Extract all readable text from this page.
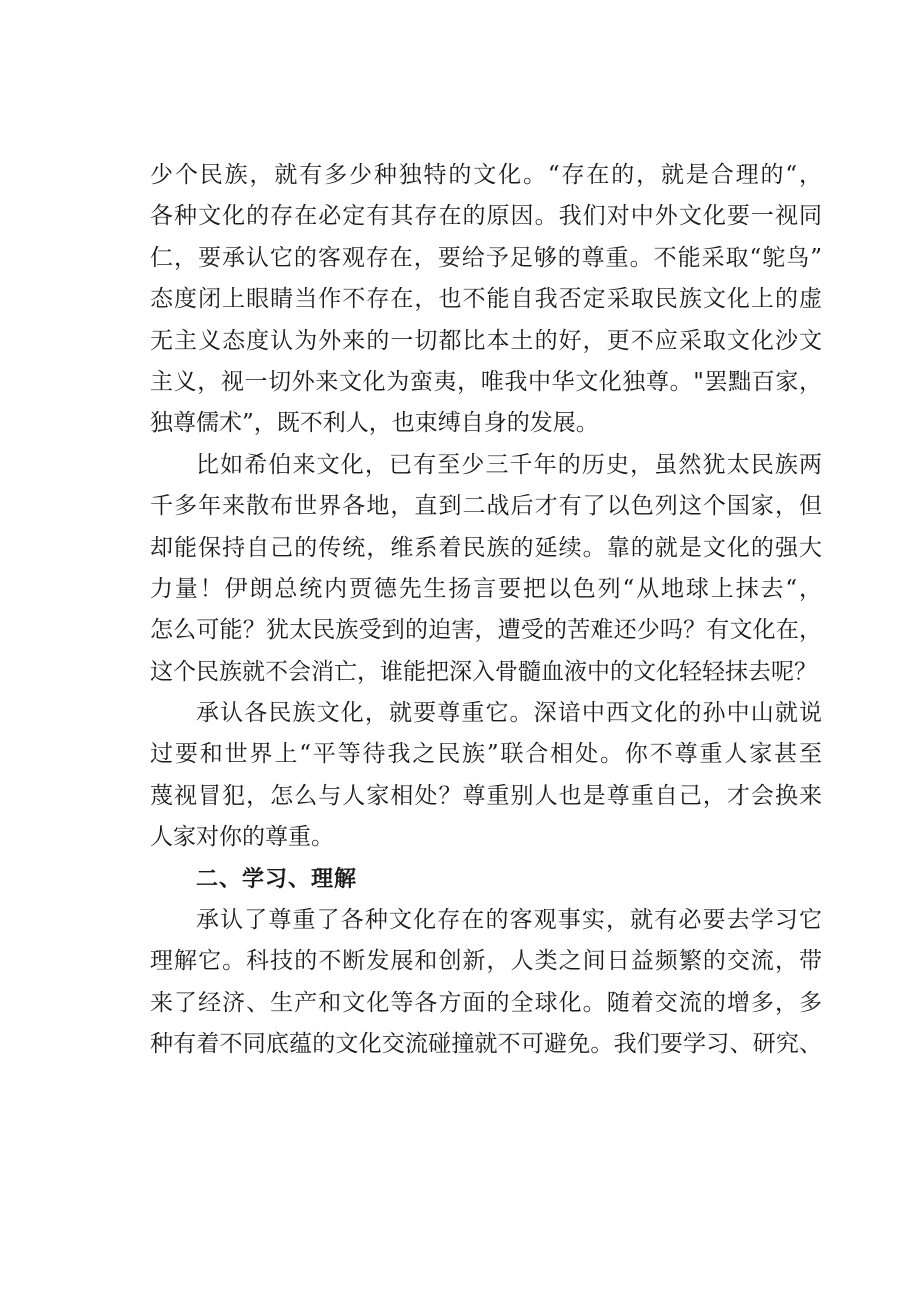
少个民族，就有多少种独特的文化。“存在的，就是合理的“，
各种文化的存在必定有其存在的原因。我们对中外文化要一视同
仁，要承认它的客观存在，要给予足够的尊重。不能采取“鸵鸟”
态度闭上眼睛当作不存在，也不能自我否定采取民族文化上的虚
无主义态度认为外来的一切都比本土的好，更不应采取文化沙文
主义，视一切外来文化为蛮夷，唯我中华文化独尊。"罢黜百家，
独尊儒术”，既不利人，也束缚自身的发展。
比如希伯来文化，已有至少三千年的历史，虽然犹太民族两
千多年来散布世界各地，直到二战后才有了以色列这个国家，但
却能保持自己的传统，维系着民族的延续。靠的就是文化的强大
力量！伊朗总统内贾德先生扬言要把以色列“从地球上抹去“，
怎么可能？犹太民族受到的迫害，遭受的苦难还少吗？有文化在，
这个民族就不会消亡，谁能把深入骨髓血液中的文化轻轻抹去呢？
承认各民族文化，就要尊重它。深谙中西文化的孙中山就说
过要和世界上“平等待我之民族”联合相处。你不尊重人家甚至
蔑视冒犯，怎么与人家相处？尊重别人也是尊重自己，才会换来
人家对你的尊重。
二、学习、理解
承认了尊重了各种文化存在的客观事实，就有必要去学习它
理解它。科技的不断发展和创新，人类之间日益频繁的交流，带
来了经济、生产和文化等各方面的全球化。随着交流的增多，多
种有着不同底蕴的文化交流碰撞就不可避免。我们要学习、研究、
